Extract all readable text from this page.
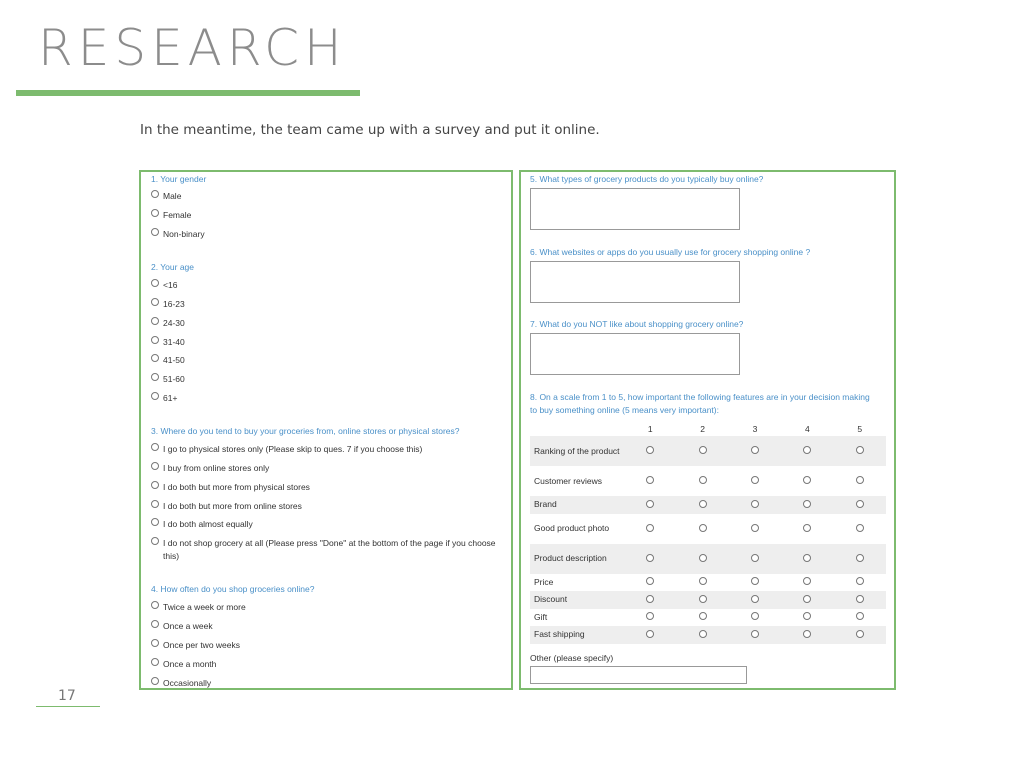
RESEARCH

In the meantime, the team came up with a survey and put it online.

1. Your gender
Male
Female
Non-binary
2. Your age
<16
16-23
24-30
31-40
41-50
51-60
61+
3. Where do you tend to buy your groceries from, online stores or physical stores?
I go to physical stores only (Please skip to ques. 7 if you choose this)
I buy from online stores only
I do both but more from physical stores
I do both but more from online stores
I do both almost equally
I do not shop grocery at all (Please press "Done" at the bottom of the page if you choose this)
4. How often do you shop groceries online?
Twice a week or more
Once a week
Once per two weeks
Once a month
Occasionally
5. What types of grocery products do you typically buy online?
6. What websites or apps do you usually use for grocery shopping online ?
7. What do you NOT like about shopping grocery online?
8. On a scale from 1 to 5, how important the following features are in your decision making to buy something online (5 means very important):
	1	2	3	4	5
Ranking of the product					
Customer reviews					
Brand					
Good product photo					
Product description					
Price					
Discount					
Gift					
Fast shipping					
Other (please specify)
17
